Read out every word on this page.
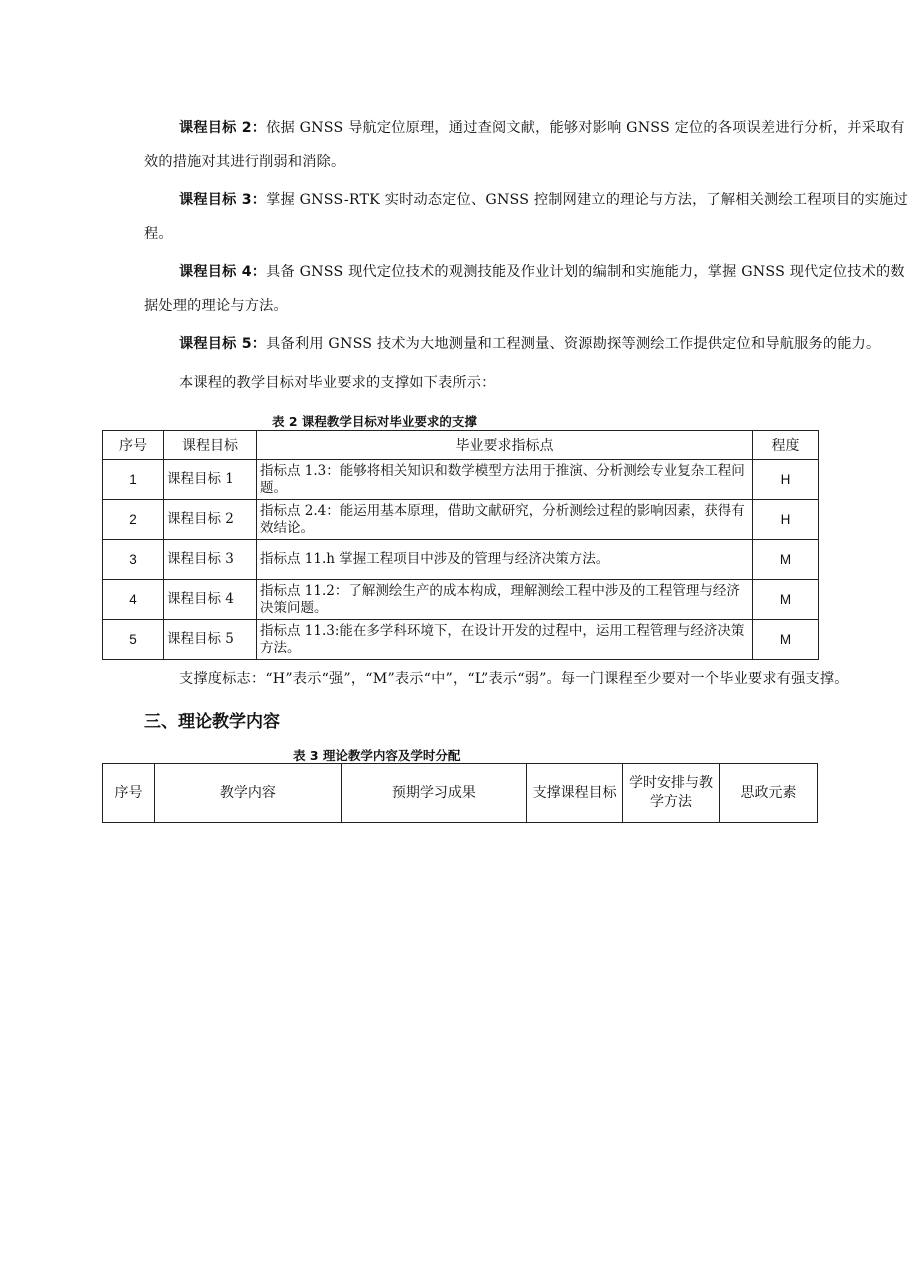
课程目标 2：依据 GNSS 导航定位原理，通过查阅文献，能够对影响 GNSS 定位的各项误差进行分析，并采取有效的措施对其进行削弱和消除。
课程目标 3：掌握 GNSS-RTK 实时动态定位、GNSS 控制网建立的理论与方法，了解相关测绘工程项目的实施过程。
课程目标 4：具备 GNSS 现代定位技术的观测技能及作业计划的编制和实施能力，掌握 GNSS 现代定位技术的数据处理的理论与方法。
课程目标 5：具备利用 GNSS 技术为大地测量和工程测量、资源勘探等测绘工作提供定位和导航服务的能力。
本课程的教学目标对毕业要求的支撑如下表所示：
表 2 课程教学目标对毕业要求的支撑
序号	课程目标	毕业要求指标点	程度
1	课程目标 1	指标点 1.3：能够将相关知识和数学模型方法用于推演、分析测绘专业复杂工程问题。	H
2	课程目标 2	指标点 2.4：能运用基本原理，借助文献研究，分析测绘过程的影响因素，获得有效结论。	H
3	课程目标 3	指标点 11.h 掌握工程项目中涉及的管理与经济决策方法。	M
4	课程目标 4	指标点 11.2：了解测绘生产的成本构成，理解测绘工程中涉及的工程管理与经济决策问题。	M
5	课程目标 5	指标点 11.3:能在多学科环境下，在设计开发的过程中，运用工程管理与经济决策方法。	M
支撑度标志：“H”表示“强”，“M”表示“中”，“L”表示“弱”。每一门课程至少要对一个毕业要求有强支撑。
三、理论教学内容
表 3 理论教学内容及学时分配
序号	教学内容	预期学习成果	支撑课程目标	学时安排与教学方法	思政元素
